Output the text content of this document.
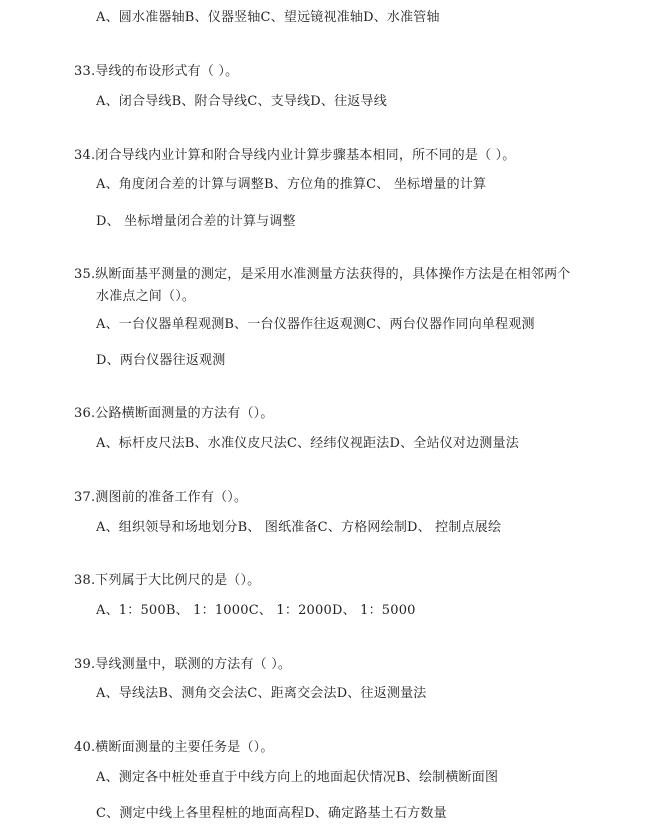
A、圆水准器轴B、仪器竖轴C、望远镜视准轴D、水准管轴
33.导线的布设形式有（ ）。
A、闭合导线B、附合导线C、支导线D、往返导线
34.闭合导线内业计算和附合导线内业计算步骤基本相同，所不同的是（ ）。
A、角度闭合差的计算与调整B、方位角的推算C、 坐标增量的计算
D、 坐标增量闭合差的计算与调整
35.纵断面基平测量的测定，是采用水准测量方法获得的，具体操作方法是在相邻两个
水准点之间（）。
A、一台仪器单程观测B、一台仪器作往返观测C、两台仪器作同向单程观测
D、两台仪器往返观测
36.公路横断面测量的方法有（）。
A、标杆皮尺法B、水准仪皮尺法C、经纬仪视距法D、全站仪对边测量法
37.测图前的准备工作有（）。
A、组织领导和场地划分B、 图纸准备C、方格网绘制D、 控制点展绘
38.下列属于大比例尺的是（）。
A、1：500B、 1：1000C、 1：2000D、 1：5000
39.导线测量中，联测的方法有（ ）。
A、导线法B、测角交会法C、距离交会法D、往返测量法
40.横断面测量的主要任务是（）。
A、测定各中桩处垂直于中线方向上的地面起伏情况B、绘制横断面图
C、测定中线上各里程桩的地面高程D、确定路基土石方数量
